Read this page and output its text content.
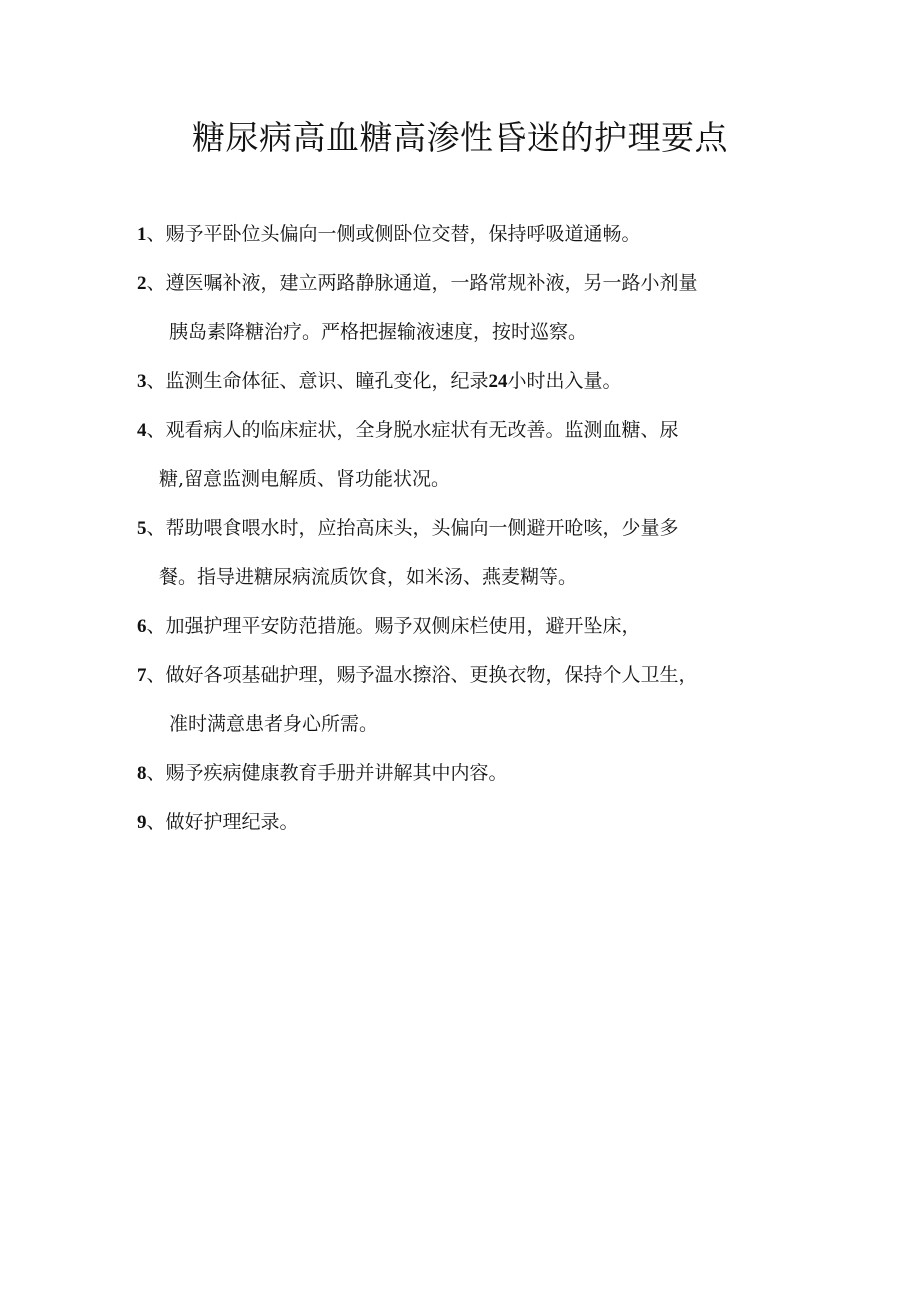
糖尿病高血糖高渗性昏迷的护理要点
1、赐予平卧位头偏向一侧或侧卧位交替，保持呼吸道通畅。
2、遵医嘱补液，建立两路静脉通道，一路常规补液，另一路小剂量
胰岛素降糖治疗。严格把握输液速度，按时巡察。
3、监测生命体征、意识、瞳孔变化，纪录24小时出入量。
4、观看病人的临床症状，全身脱水症状有无改善。监测血糖、尿
糖,留意监测电解质、肾功能状况。
5、帮助喂食喂水时，应抬高床头，头偏向一侧避开呛咳，少量多
餐。指导进糖尿病流质饮食，如米汤、燕麦糊等。
6、加强护理平安防范措施。赐予双侧床栏使用，避开坠床，
7、做好各项基础护理，赐予温水擦浴、更换衣物，保持个人卫生，
准时满意患者身心所需。
8、赐予疾病健康教育手册并讲解其中内容。
9、做好护理纪录。
